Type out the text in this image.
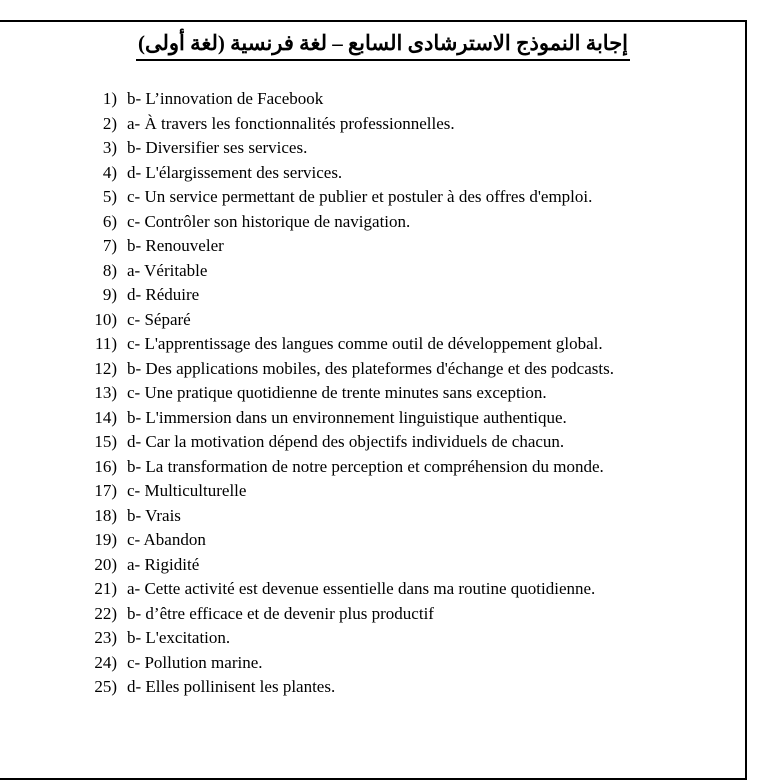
إجابة النموذج الاسترشادى السابع – لغة فرنسية (لغة أولى)
1) b- L’innovation de Facebook
2) a- À travers les fonctionnalités professionnelles.
3) b- Diversifier ses services.
4) d- L'élargissement des services.
5) c- Un service permettant de publier et postuler à des offres d'emploi.
6) c- Contrôler son historique de navigation.
7) b- Renouveler
8) a- Véritable
9) d- Réduire
10) c- Séparé
11) c- L'apprentissage des langues comme outil de développement global.
12) b- Des applications mobiles, des plateformes d'échange et des podcasts.
13) c- Une pratique quotidienne de trente minutes sans exception.
14) b- L'immersion dans un environnement linguistique authentique.
15) d- Car la motivation dépend des objectifs individuels de chacun.
16) b- La transformation de notre perception et compréhension du monde.
17) c- Multiculturelle
18) b- Vrais
19) c- Abandon
20) a- Rigidité
21) a- Cette activité est devenue essentielle dans ma routine quotidienne.
22) b- d’être efficace et de devenir plus productif
23) b- L'excitation.
24) c- Pollution marine.
25) d- Elles pollinisent les plantes.
